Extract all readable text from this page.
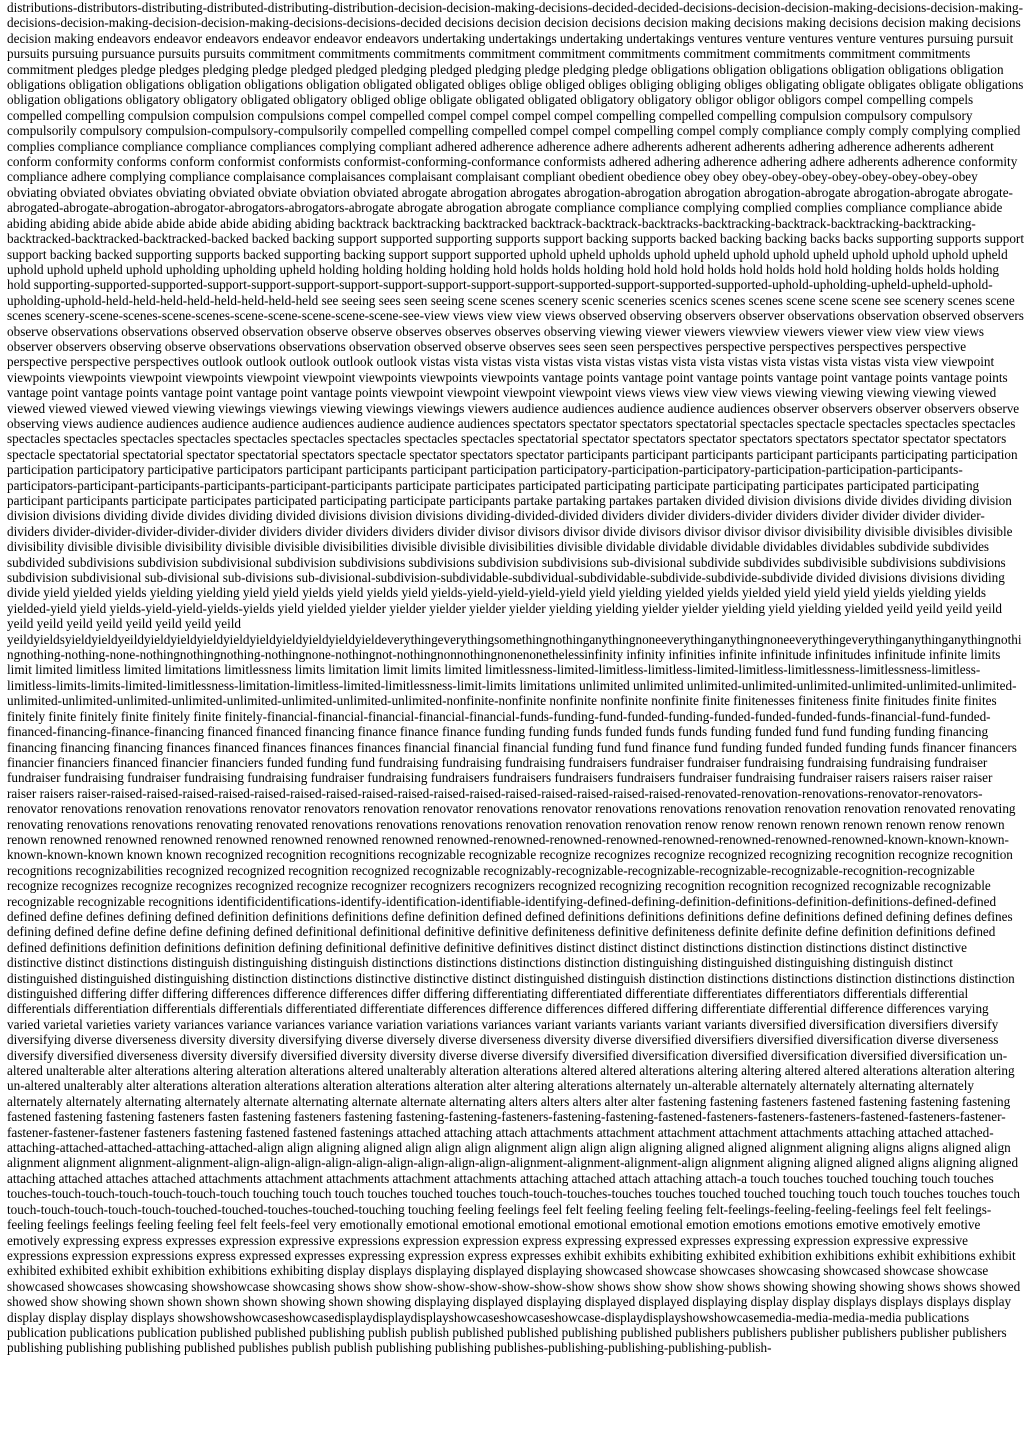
distributions-distributors-distributing-distributed-distributing-distribution-decision-decision-making-decisions-decided-decided-decisions-decision-decision-making-decisions-decision-making-decisions-decision-making-decision-decision-making-decisions-decisions-decided decisions decision decision decisions decision making decisions making decisions decision making decisions decision making endeavors endeavor endeavors endeavor endeavor endeavors undertaking undertakings undertaking undertakings ventures venture ventures venture ventures pursuing pursuit pursuits pursuing pursuance pursuits pursuits commitment commitments commitments commitment commitment commitments commitment commitments commitment commitments commitment pledges pledge pledges pledging pledge pledged pledged pledging pledged pledging pledge pledging pledge obligations obligation obligations obligation obligations obligation obligations obligation obligations obligation obligations obligation obligated obligated obliges oblige obliged obliges obliging obliging obliges obligating obligate obligates obligate obligations obligation obligations obligatory obligatory obligated obligatory obliged oblige obligate obligated obligated obligatory obligatory obligor obligor obligors compel compelling compels compelled compelling compulsion compulsion compulsions compel compelled compel compel compel compel compelling compelled compelling compulsion compulsory compulsory compulsorily compulsory compulsion-compulsory-compulsorily compelled compelling compelled compel compel compelling compel comply compliance comply comply complying complied complies compliance compliance compliance compliances complying compliant adhered adherence adherence adhere adherents adherent adherents adhering adherence adherents adherent conform conformity conforms conform conformist conformists conformist-conforming-conformance conformists adhered adhering adherence adhering adhere adherents adherence conformity compliance adhere complying compliance complaisance complaisances complaisant complaisant compliant obedient obedience obey obey obey-obey-obey-obey-obey-obey-obey-obey obviating obviated obviates obviating obviated obviate obviation obviated abrogate abrogation abrogates abrogation-abrogation abrogation abrogation-abrogate abrogation-abrogate abrogate-abrogated-abrogate-abrogation-abrogator-abrogators-abrogators-abrogate abrogate abrogation abrogate compliance compliance complying complied complies compliance compliance abide abiding abiding abide abide abide abide abide abiding abiding backtrack backtracking backtracked backtrack-backtrack-backtracks-backtracking-backtrack-backtracking-backtracking-backtracked-backtracked-backtracked-backed backed backing support supported supporting supports support backing supports backed backing backing backs backs supporting supports support support backing backed supporting supports backed supporting backing support support supported uphold upheld upholds uphold upheld uphold uphold upheld uphold uphold uphold upheld uphold uphold upheld uphold upholding upholding upheld holding holding holding holding hold holds holds holding hold hold hold holds hold holds hold hold holding holds holds holding hold supporting-supported-supported-support-support-support-support-support-support-support-support-supported-support-supported-supported-uphold-upholding-upheld-upheld-uphold-upholding-uphold-held-held-held-held-held-held-held-held see seeing sees seen seeing scene scenes scenery scenic sceneries scenics scenes scenes scene scene scene see scenery scenes scene scenes scenery-scene-scenes-scene-scenes-scene-scene-scene-scene-scene-see-view views view view views observed observing observers observer observations observation observed observers observe observations observations observed observation observe observe observes observes observes observing viewing viewer viewers viewview viewers viewer view view view views observer observers observing observe observations observations observation observed observe observes sees seen seen perspectives perspective perspectives perspectives perspective perspective perspective perspectives outlook outlook outlook outlook outlook vistas vista vistas vista vistas vista vistas vistas vista vista vistas vista vistas vista vistas vista view viewpoint viewpoints viewpoints viewpoint viewpoints viewpoint viewpoint viewpoints viewpoints viewpoints vantage points vantage point vantage points vantage point vantage points vantage points vantage point vantage points vantage point vantage point vantage points viewpoint viewpoint viewpoint viewpoint views views view view views viewing viewing viewing viewing viewed viewed viewed viewed viewed viewing viewings viewings viewing viewings viewings viewers audience audiences audience audience audiences observer observers observer observers observe observing views audience audiences audience audience audiences audience audience audiences spectators spectator spectators spectatorial spectacles spectacle spectacles spectacles spectacles spectacles spectacles spectacles spectacles spectacles spectacles spectacles spectacles spectacles spectatorial spectator spectators spectator spectators spectators spectator spectator spectators spectacle spectatorial spectatorial spectator spectatorial spectators spectacle spectator spectators spectator participants participant participants participant participants participating participation participation participatory participative participators participant participants participant participation participatory-participation-participatory-participation-participation-participants-participators-participant-participants-participants-participant-participants participate participates participated participating participate participating participates participated participating participant participants participate participates participated participating participate participants partake partaking partakes partaken divided division divisions divide divides dividing division division divisions dividing divide divides dividing divided divisions division divisions dividing-divided-divided dividers divider dividers-divider dividers divider divider divider divider-dividers divider-divider-divider-divider-divider dividers divider dividers dividers divider divisor divisors divisor divide divisors divisor divisor divisor divisibility divisible divisibles divisible divisibility divisible divisible divisibility divisible divisible divisibilities divisible divisible divisibilities divisible dividable dividable dividable dividables dividables subdivide subdivides subdivided subdivisions subdivision subdivisional subdivision subdivisions subdivisions subdivision subdivisions sub-divisional subdivide subdivides subdivisible subdivisions subdivisions subdivision subdivisional sub-divisional sub-divisions sub-divisional-subdivision-subdividable-subdividual-subdividable-subdivide-subdivide-subdivide divided divisions divisions dividing divide yield yielded yields yielding yielding yield yield yields yield yields yield yields-yield-yield-yield-yield yield yielding yielded yields yielded yield yield yield yields yielding yields yielded-yield yield yields-yield-yield-yields-yields yield yielded yielder yielder yielder yielder yielder yielding yielding yielder yielder yielding yield yielding yielded yeild yeild yeild yeild yeild yeild yeild yeild yeild yeild yeild yeild yeildyieldsyieldyieldyeildyieldyieldyieldyieldyieldyieldyieldyieldyieldeverythingeverythingsomethingnothinganythingnoneeverythinganythingnoneeverythingeverythinganythinganythingnothingnothing-nothing-none-nothingnothingnothing-nothingnone-nothingnot-nothingnonnothingnonenonethelessinfinity infinity infinities infinite infinitude infinitudes infinitude infinite limits limit limited limitless limited limitations limitlessness limits limitation limit limits limited limitlessness-limited-limitless-limitless-limited-limitless-limitlessness-limitlessness-limitless-limitless-limits-limits-limited-limitlessness-limitation-limitless-limited-limitlessness-limit-limits limitations unlimited unlimited unlimited-unlimited-unlimited-unlimited-unlimited-unlimited-unlimited-unlimited-unlimited-unlimited-unlimited-unlimited-unlimited-unlimited-nonfinite-nonfinite nonfinite nonfinite nonfinite finite finitenesses finiteness finite finitudes finite finites finitely finite finitely finite finitely finite finitely-financial-financial-financial-financial-financial-funds-funding-fund-funded-funding-funded-funded-funded-funds-financial-fund-funded-financed-financing-finance-financing financed financed financing finance finance finance funding funding funds funded funds funds funding funded fund fund funding funding financing financing financing financing finances financed finances finances finances financial financial financial funding fund fund finance fund funding funded funded funding funds financer financers financier financiers financed financier financiers funded funding fund fundraising fundraising fundraising fundraisers fundraiser fundraiser fundraising fundraising fundraising fundraiser fundraiser fundraising fundraiser fundraising fundraising fundraiser fundraising fundraisers fundraisers fundraisers fundraisers fundraiser fundraising fundraiser raisers raisers raiser raiser raiser raisers raiser-raised-raised-raised-raised-raised-raised-raised-raised-raised-raised-raised-raised-raised-raised-raised-raised-renovated-renovation-renovations-renovator-renovators-renovator renovations renovation renovations renovator renovators renovation renovator renovations renovator renovations renovations renovation renovation renovation renovated renovating renovating renovations renovations renovating renovated renovations renovations renovations renovation renovation renovation renow renow renown renown renown renown renow renown renown renowned renowned renowned renowned renowned renowned renowned renowned-renowned-renowned-renowned-renowned-renowned-renowned-renowned-known-known-known-known-known-known known known recognized recognition recognitions recognizable recognizable recognize recognizes recognize recognized recognizing recognition recognize recognition recognitions recognizabilities recognized recognized recognition recognized recognizable recognizably-recognizable-recognizable-recognizable-recognizable-recognition-recognizable recognize recognizes recognize recognizes recognized recognize recognizer recognizers recognizers recognized recognizing recognition recognition recognized recognizable recognizable recognizable recognizable recognitions identificidentifications-identify-identification-identifiable-identifying-defined-defining-definition-definitions-definition-definitions-defined-defined defined define defines defining defined definition definitions definitions define definition defined defined definitions definitions definitions define definitions defined defining defines defines defining defined define define define defining defined definitional definitional definitive definitive definiteness definitive definiteness definite definite define definition definitions defined defined definitions definition definitions definition defining definitional definitive definitive definitives distinct distinct distinct distinctions distinction distinctions distinct distinctive distinctive distinct distinctions distinguish distinguishing distinguish distinctions distinctions distinctions distinction distinguishing distinguished distinguishing distinguish distinct distinguished distinguished distinguishing distinction distinctions distinctive distinctive distinct distinguished distinguish distinction distinctions distinctions distinction distinctions distinction distinguished differing differ differing differences difference differences differ differing differentiating differentiated differentiate differentiates differentiators differentials differential differentials differentiation differentials differentials differentiated differentiate differences difference differences differed differing differentiate differential difference differences varying varied varietal varieties variety variances variance variances variance variation variations variances variant variants variants variant variants diversified diversification diversifiers diversify diversifying diverse diverseness diversity diversity diversifying diverse diversely diverse diverseness diversity diverse diversified diversifiers diversified diversification diverse diverseness diversify diversified diverseness diversity diversify diversified diversity diversity diverse diverse diversify diversified diversification diversified diversification diversified diversification un-altered unalterable alter alterations altering alteration alterations altered unalterably alteration alterations altered altered alterations altering altering altered altered alterations alteration altering un-altered unalterably alter alterations alteration alterations alteration alterations alteration alter altering alterations alternately un-alterable alternately alternately alternating alternately alternately alternately alternating alternately alternate alternating alternate alternate alternating alters alters alters alter alter fastening fastening fasteners fastened fastening fastening fastening fastened fastening fastening fasteners fasten fastening fasteners fastening fastening-fastening-fasteners-fastening-fastening-fastened-fasteners-fasteners-fasteners-fastened-fasteners-fastener-fastener-fastener-fastener fasteners fastening fastened fastened fastenings attached attaching attach attachments attachment attachment attachment attachments attaching attached attached-attaching-attached-attached-attaching-attached-align align aligning aligned align align align alignment align align align aligning aligned aligned alignment aligning aligns aligns aligned align alignment alignment alignment-alignment-align-align-align-align-align-align-align-align-align-alignment-alignment-alignment-align alignment aligning aligned aligned aligns aligning aligned attaching attached attaches attached attachments attachment attachments attachment attachments attaching attached attach attaching attach-a touch touches touched touching touch touches touches-touch-touch-touch-touch-touch-touch touching touch touch touches touched touches touch-touch-touches-touches touches touched touched touching touch touch touches touches touch touch-touch-touch-touch-touch-touched-touched-touches-touched-touching touching feeling feelings feel felt feeling feeling feeling felt-feelings-feeling-feeling-feelings feel felt feelings-feeling feelings feelings feeling feeling feel felt feels-feel very emotionally emotional emotional emotional emotional emotional emotion emotions emotions emotive emotively emotive emotively expressing express expresses expression expressive expressions expression expression express expressing expressed expresses expressing expression expressive expressive expressions expression expressions express expressed expresses expressing expression express expresses exhibit exhibits exhibiting exhibited exhibition exhibitions exhibit exhibitions exhibit exhibited exhibited exhibit exhibition exhibitions exhibiting display displays displaying displayed displaying showcased showcase showcases showcasing showcased showcase showcase showcased showcases showcasing showshowcase showcasing shows show show-show-show-show-show-show shows show show show shows showing showing showing shows shows showed showed show showing shown shown shown shown showing shown showing displaying displayed displaying displayed displayed displaying display display displays displays displays display display display display displays showshowshowcaseshowcasedisplaydisplaydisplayshowcaseshowcaseshowcase-displaydisplayshowshowcasemedia-media-media-media publications publication publications publication published published publishing publish publish published published publishing published publishers publishers publisher publishers publisher publishers publishing publishing publishing published publishes publish publish publishing publishing publishes-publishing-publishing-publishing-publish-
